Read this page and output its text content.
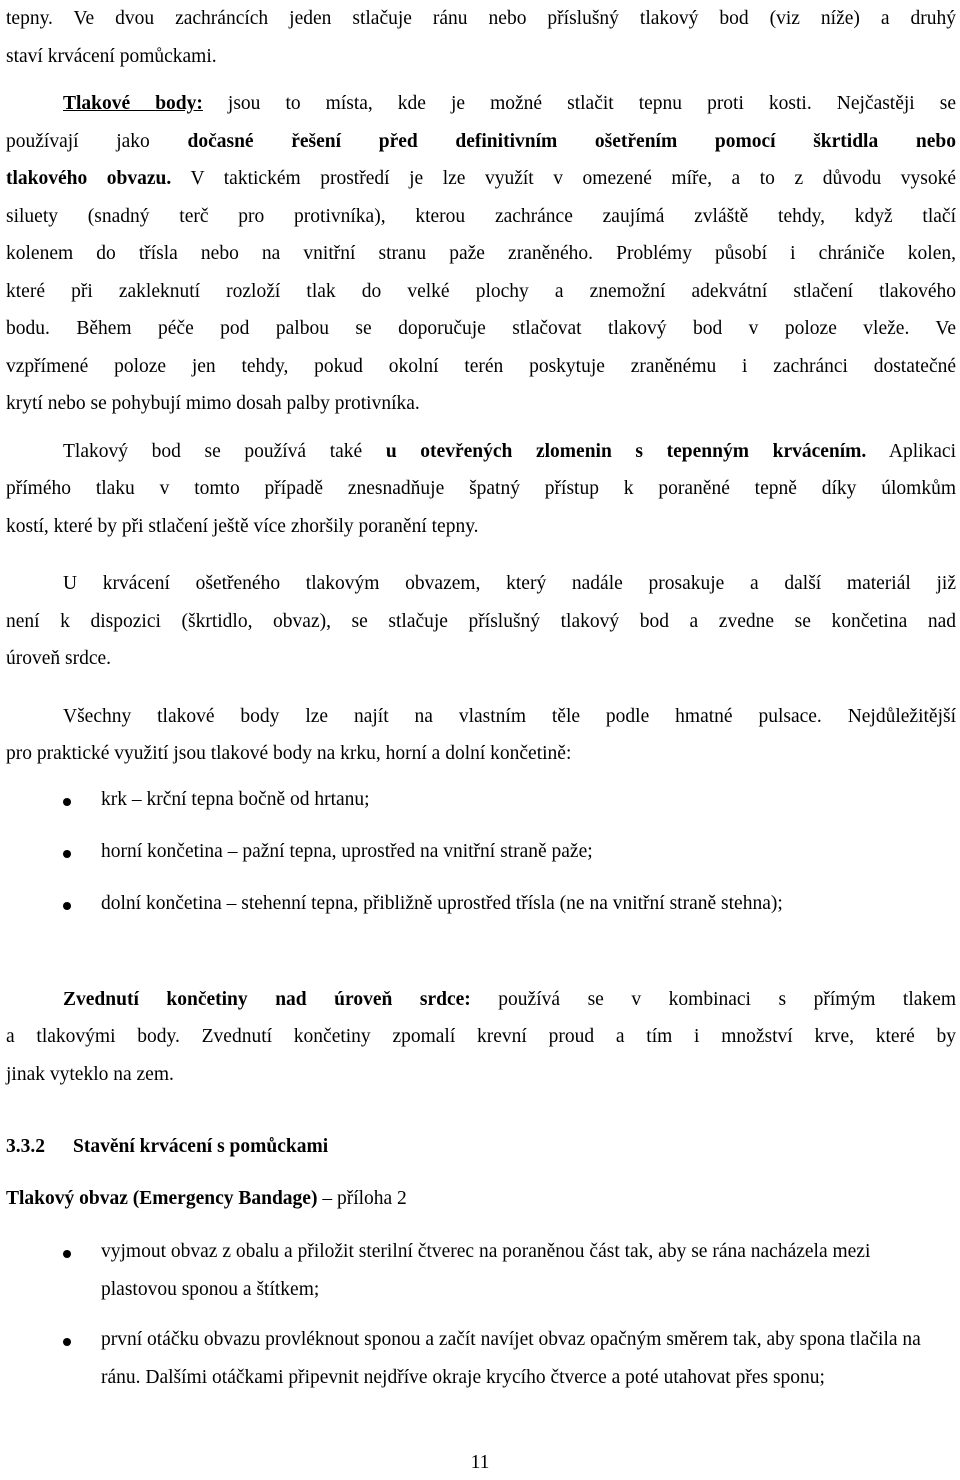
tepny. Ve dvou zachráncích jeden stlačuje ránu nebo příslušný tlakový bod (viz níže) a druhý
staví krvácení pomůckami.

Tlakové body: jsou to místa, kde je možné stlačit tepnu proti kosti. Nejčastěji se
používají jako dočasné řešení před definitivním ošetřením pomocí škrtidla nebo
tlakového obvazu. V taktickém prostředí je lze využít v omezené míře, a to z důvodu vysoké
siluety (snadný terč pro protivníka), kterou zachránce zaujímá zvláště tehdy, když tlačí
kolenem do třísla nebo na vnitřní stranu paže zraněného. Problémy působí i chrániče kolen,
které při zakleknutí rozloží tlak do velké plochy a znemožní adekvátní stlačení tlakového
bodu. Během péče pod palbou se doporučuje stlačovat tlakový bod v poloze vleže. Ve
vzpřímené poloze jen tehdy, pokud okolní terén poskytuje zraněnému i zachránci dostatečné
krytí nebo se pohybují mimo dosah palby protivníka.

Tlakový bod se používá také u otevřených zlomenin s tepenným krvácením. Aplikaci
přímého tlaku v tomto případě znesnadňuje špatný přístup k poraněné tepně díky úlomkům
kostí, které by při stlačení ještě více zhoršily poranění tepny.

U krvácení ošetřeného tlakovým obvazem, který nadále prosakuje a další materiál již
není k dispozici (škrtidlo, obvaz), se stlačuje příslušný tlakový bod a zvedne se končetina nad
úroveň srdce.

Všechny tlakové body lze najít na vlastním těle podle hmatné pulsace. Nejdůležitější
pro praktické využití jsou tlakové body na krku, horní a dolní končetině:

krk – krční tepna bočně od hrtanu;
horní končetina – pažní tepna, uprostřed na vnitřní straně paže;
dolní končetina – stehenní tepna, přibližně uprostřed třísla (ne na vnitřní straně stehna);

Zvednutí končetiny nad úroveň srdce: používá se v kombinaci s přímým tlakem
a tlakovými body. Zvednutí končetiny zpomalí krevní proud a tím i množství krve, které by
jinak vyteklo na zem.

3.3.2 Stavění krvácení s pomůckami
Tlakový obvaz (Emergency Bandage) – příloha 2
vyjmout obvaz z obalu a přiložit sterilní čtverec na poraněnou část tak, aby se rána nacházela mezi plastovou sponou a štítkem;
první otáčku obvazu provléknout sponou a začít navíjet obvaz opačným směrem tak, aby spona tlačila na ránu. Dalšími otáčkami připevnit nejdříve okraje krycího čtverce a poté utahovat přes sponu;
11
